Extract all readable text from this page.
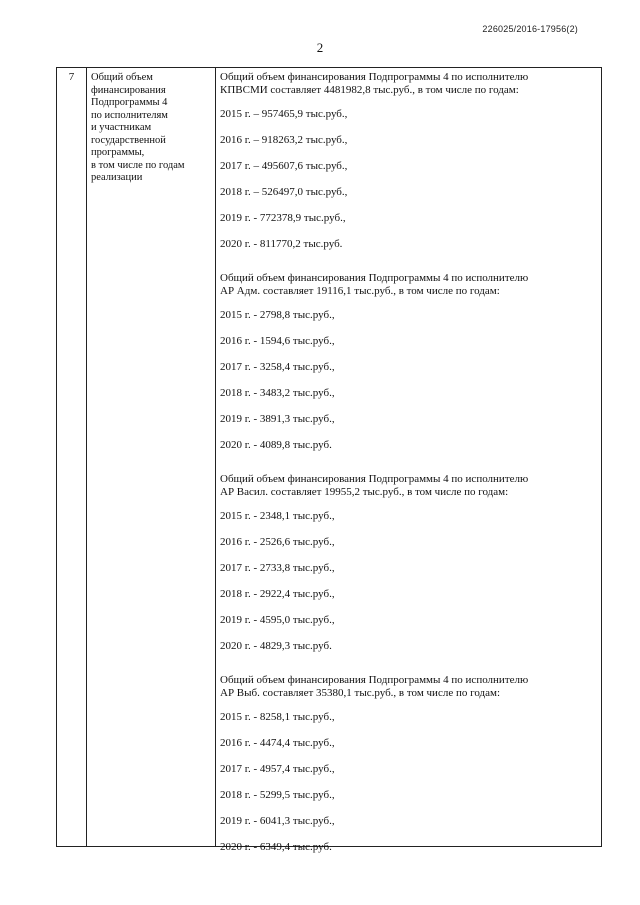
226025/2016-17956(2)
2
7	Общий объем
финансирования
Подпрограммы 4
по исполнителям
и участникам
государственной
программы,
в том числе по годам
реализации
Общий объем финансирования Подпрограммы 4 по исполнителю
КПВСМИ составляет 4481982,8 тыс.руб., в том числе по годам:
2015 г. – 957465,9 тыс.руб.,
2016 г. – 918263,2 тыс.руб.,
2017 г. – 495607,6 тыс.руб.,
2018 г. – 526497,0 тыс.руб.,
2019 г. - 772378,9 тыс.руб.,
2020 г. - 811770,2 тыс.руб.
Общий объем финансирования Подпрограммы 4 по исполнителю
АР Адм. составляет 19116,1 тыс.руб., в том числе по годам:
2015 г. - 2798,8 тыс.руб.,
2016 г. - 1594,6 тыс.руб.,
2017 г. - 3258,4 тыс.руб.,
2018 г. - 3483,2 тыс.руб.,
2019 г. - 3891,3 тыс.руб.,
2020 г. - 4089,8 тыс.руб.
Общий объем финансирования Подпрограммы 4 по исполнителю
АР Васил. составляет 19955,2 тыс.руб., в том числе по годам:
2015 г. - 2348,1 тыс.руб.,
2016 г. - 2526,6 тыс.руб.,
2017 г. - 2733,8 тыс.руб.,
2018 г. - 2922,4 тыс.руб.,
2019 г. - 4595,0 тыс.руб.,
2020 г. - 4829,3 тыс.руб.
Общий объем финансирования Подпрограммы 4 по исполнителю
АР Выб. составляет 35380,1 тыс.руб., в том числе по годам:
2015 г. - 8258,1 тыс.руб.,
2016 г. - 4474,4 тыс.руб.,
2017 г. - 4957,4 тыс.руб.,
2018 г. - 5299,5 тыс.руб.,
2019 г. - 6041,3 тыс.руб.,
2020 г. - 6349,4 тыс.руб.
